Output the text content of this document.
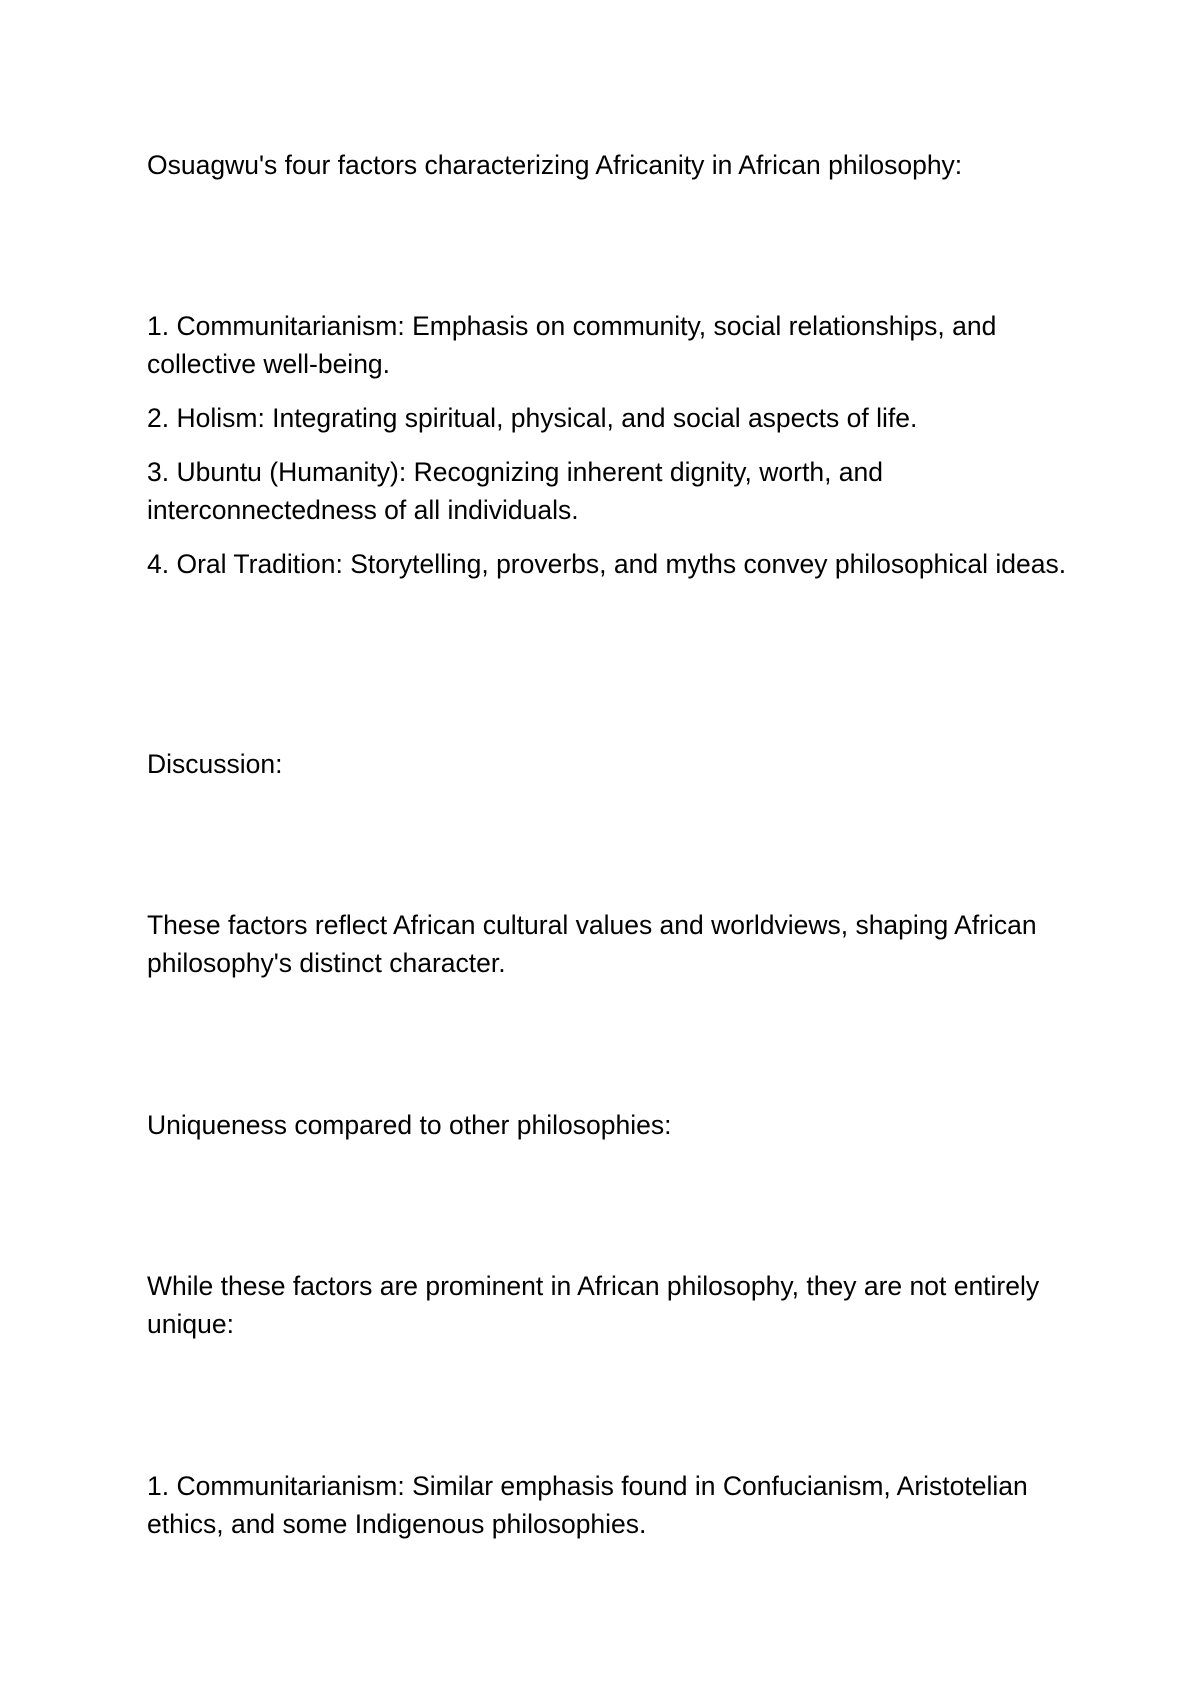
Osuagwu's four factors characterizing Africanity in African philosophy:

1. Communitarianism: Emphasis on community, social relationships, and collective well-being.

2. Holism: Integrating spiritual, physical, and social aspects of life.

3. Ubuntu (Humanity): Recognizing inherent dignity, worth, and interconnectedness of all individuals.

4. Oral Tradition: Storytelling, proverbs, and myths convey philosophical ideas.

Discussion:

These factors reflect African cultural values and worldviews, shaping African philosophy's distinct character.

Uniqueness compared to other philosophies:

While these factors are prominent in African philosophy, they are not entirely unique:

1. Communitarianism: Similar emphasis found in Confucianism, Aristotelian ethics, and some Indigenous philosophies.
